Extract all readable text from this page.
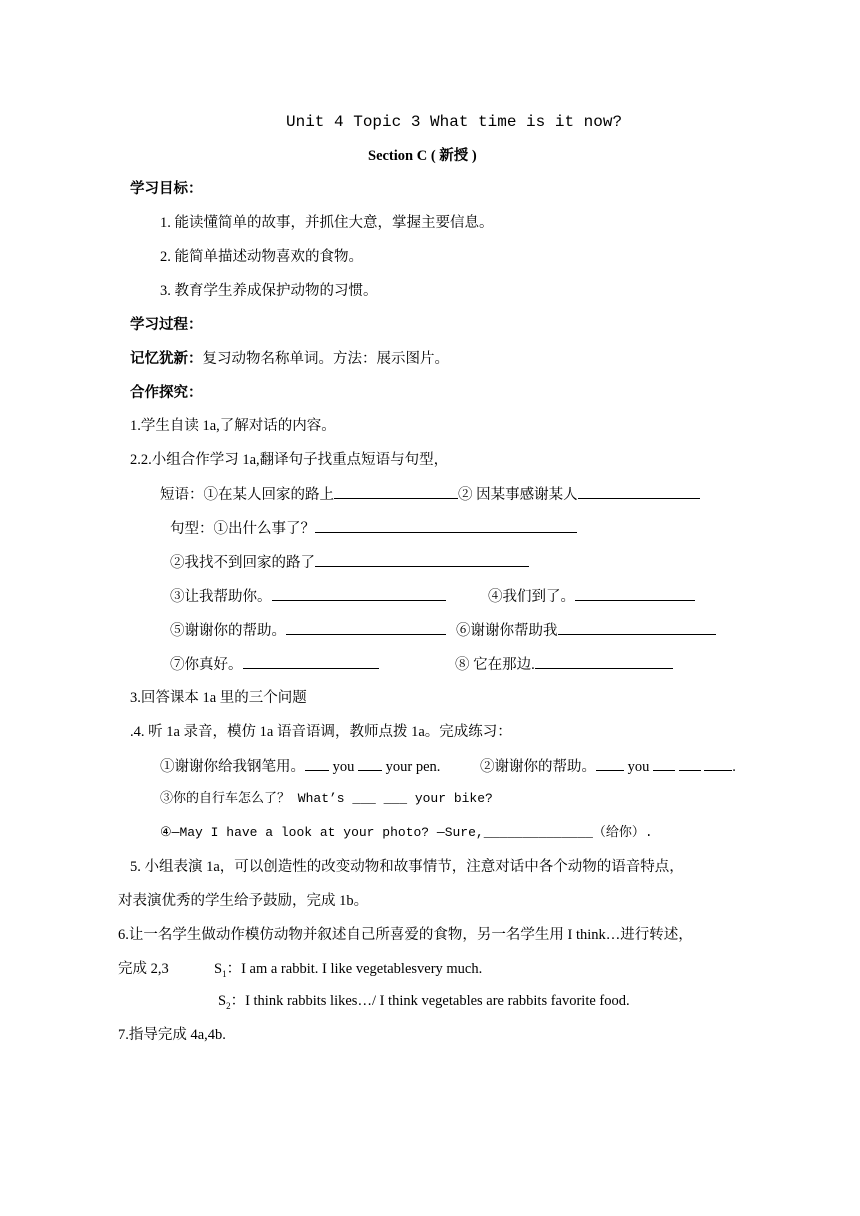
Unit 4 Topic 3 What time is it now?
Section C ( 新授 )
学习目标：
1. 能读懂简单的故事，并抓住大意，掌握主要信息。
2. 能简单描述动物喜欢的食物。
3. 教育学生养成保护动物的习惯。
学习过程：
记忆犹新：复习动物名称单词。方法：展示图片。
合作探究：
1.学生自读 1a,了解对话的内容。
2.2.小组合作学习 1a,翻译句子找重点短语与句型，
短语：①在某人回家的路上	② 因某事感谢某人
句型：①出什么事了？
②我找不到回家的路了
③让我帮助你。	④我们到了。
⑤谢谢你的帮助。	⑥谢谢你帮助我
⑦你真好。	⑧ 它在那边.
3.回答课本 1a 里的三个问题
.4. 听 1a 录音，模仿 1a 语音语调，教师点拨 1a。完成练习：
①谢谢你给我钢笔用。 you  your pen.	②谢谢你的帮助。 you	.
③你的自行车怎么了？ What’s ___ ___ your bike?
④—May I have a look at your photo? —Sure,______________（给你）.
5. 小组表演 1a，可以创造性的改变动物和故事情节，注意对话中各个动物的语音特点，
对表演优秀的学生给予鼓励，完成 1b。
6.让一名学生做动作模仿动物并叙述自己所喜爱的食物，另一名学生用 I think…进行转述，
完成 2,3	$S_1$：I am a rabbit. I like vegetablesvery much.
$S_2$：I think rabbits likes…/ I think vegetables are rabbits favorite food.
7.指导完成 4a,4b.
